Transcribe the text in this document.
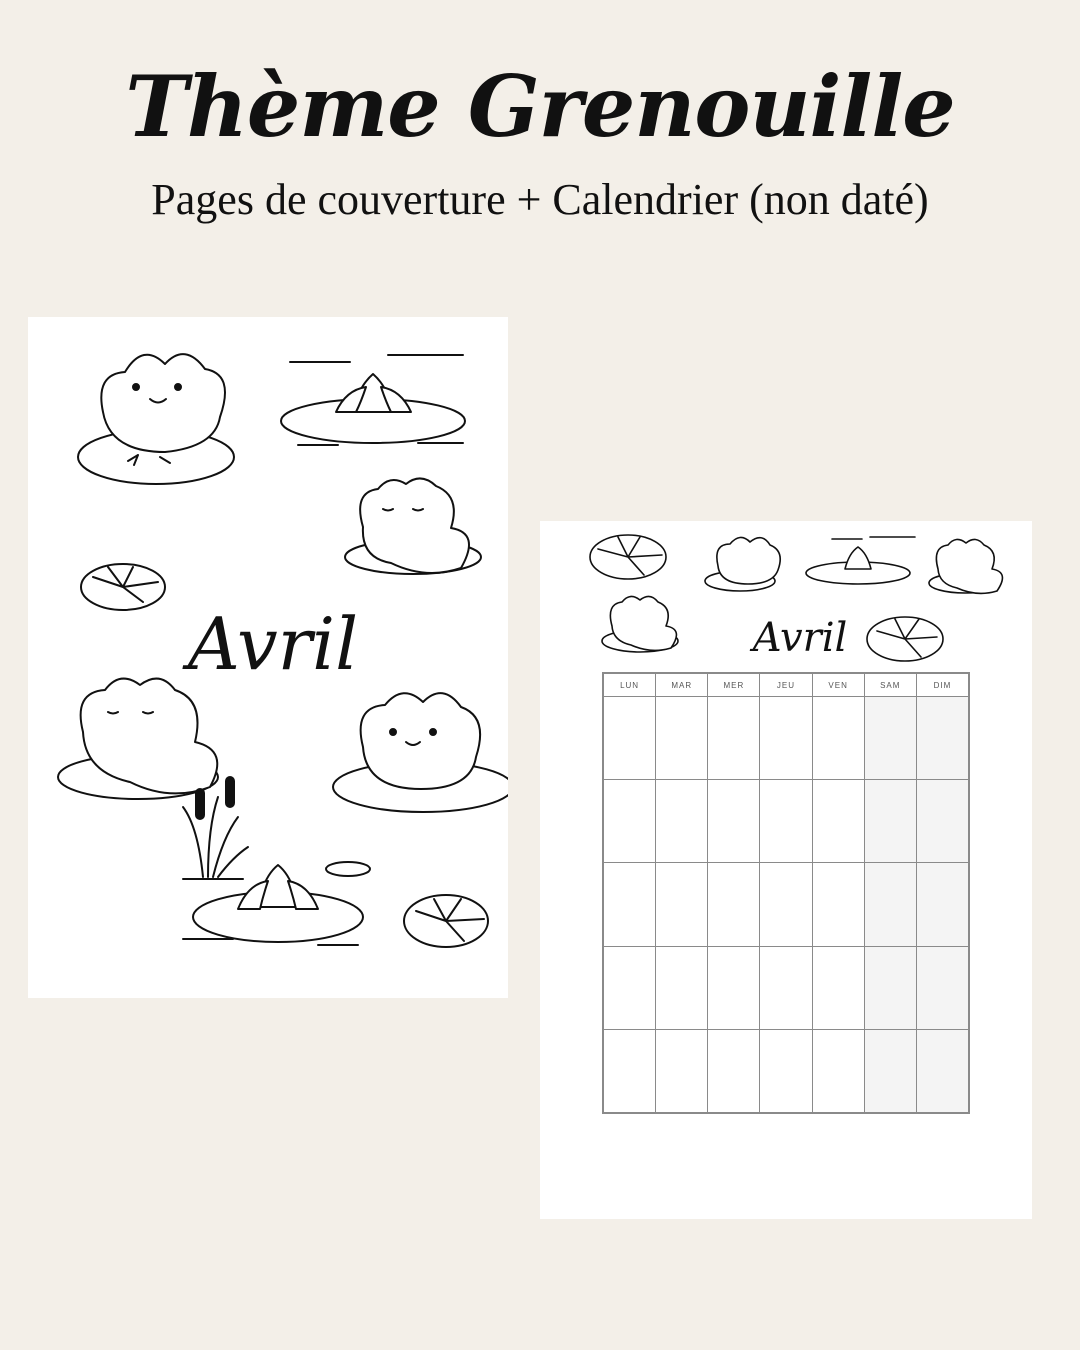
Thème Grenouille
Pages de couverture + Calendrier (non daté)
Avril	Avril
LUN	MAR	MER	JEU	VEN	SAM	DIM
